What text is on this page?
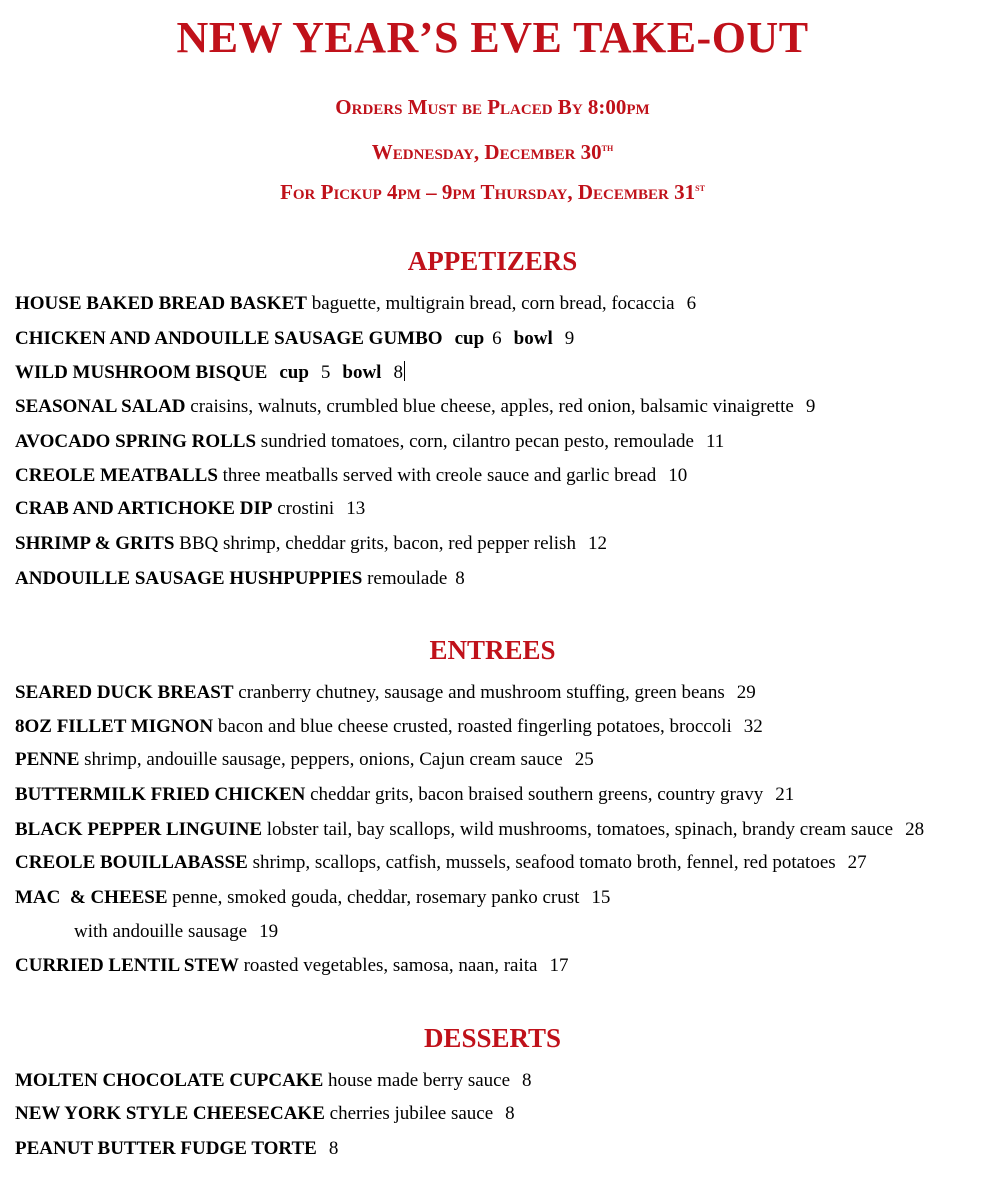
NEW YEAR’S EVE TAKE-OUT
Orders Must be Placed By 8:00pm
Wednesday, December 30th
For Pickup 4pm – 9pm Thursday, December 31st
APPETIZERS
HOUSE BAKED BREAD BASKET baguette, multigrain bread, corn bread, focaccia 6
CHICKEN AND ANDOUILLE SAUSAGE GUMBO cup 6 bowl 9
WILD MUSHROOM BISQUE cup 5 bowl 8
SEASONAL SALAD craisins, walnuts, crumbled blue cheese, apples, red onion, balsamic vinaigrette 9
AVOCADO SPRING ROLLS sundried tomatoes, corn, cilantro pecan pesto, remoulade 11
CREOLE MEATBALLS three meatballs served with creole sauce and garlic bread 10
CRAB AND ARTICHOKE DIP crostini 13
SHRIMP & GRITS BBQ shrimp, cheddar grits, bacon, red pepper relish 12
ANDOUILLE SAUSAGE HUSHPUPPIES remoulade 8
ENTREES
SEARED DUCK BREAST cranberry chutney, sausage and mushroom stuffing, green beans 29
8OZ FILLET MIGNON bacon and blue cheese crusted, roasted fingerling potatoes, broccoli 32
PENNE shrimp, andouille sausage, peppers, onions, Cajun cream sauce 25
BUTTERMILK FRIED CHICKEN cheddar grits, bacon braised southern greens, country gravy 21
BLACK PEPPER LINGUINE lobster tail, bay scallops, wild mushrooms, tomatoes, spinach, brandy cream sauce 28
CREOLE BOUILLABASSE shrimp, scallops, catfish, mussels, seafood tomato broth, fennel, red potatoes 27
MAC  & CHEESE penne, smoked gouda, cheddar, rosemary panko crust 15
with andouille sausage 19
CURRIED LENTIL STEW roasted vegetables, samosa, naan, raita 17
DESSERTS
MOLTEN CHOCOLATE CUPCAKE house made berry sauce 8
NEW YORK STYLE CHEESECAKE cherries jubilee sauce 8
PEANUT BUTTER FUDGE TORTE 8
